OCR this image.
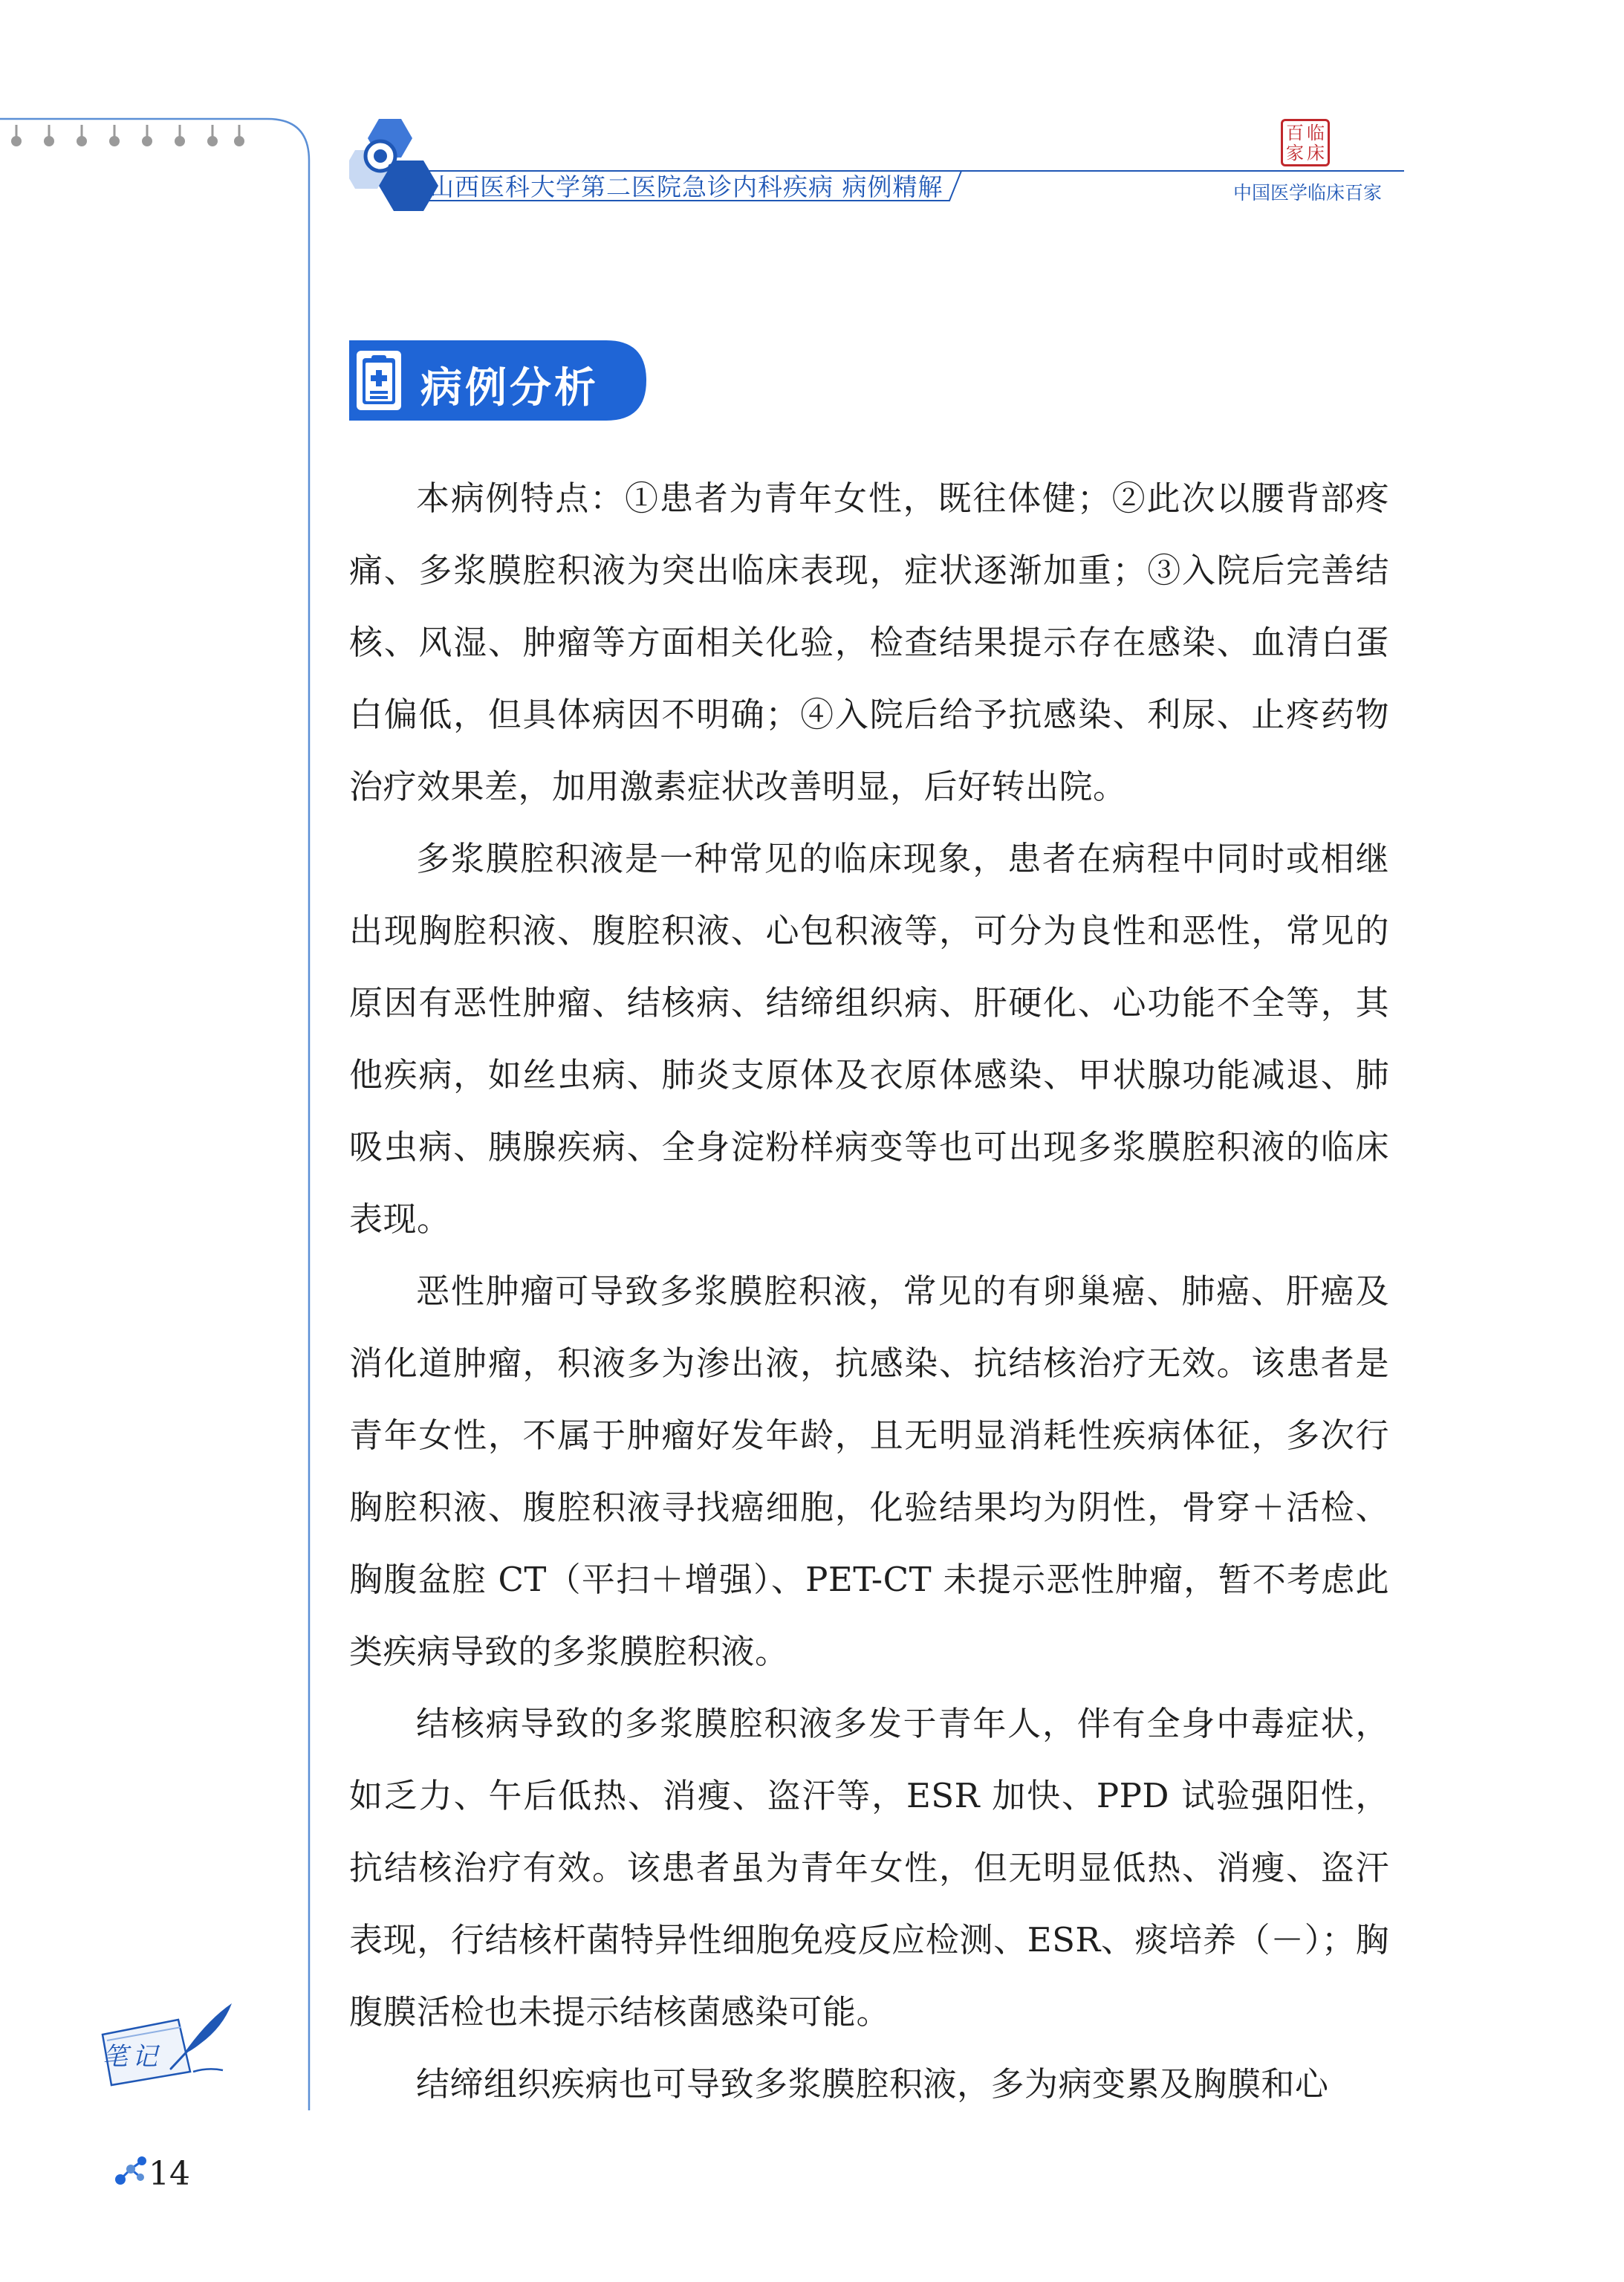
山西医科大学第二医院急诊内科疾病 病例精解
百 临
家 床
中国医学临床百家
病例分析

本病例特点：①患者为青年女性，既往体健；②此次以腰背部疼痛、多浆膜腔积液为突出临床表现，症状逐渐加重；③入院后完善结核、风湿、肿瘤等方面相关化验，检查结果提示存在感染、血清白蛋白偏低，但具体病因不明确；④入院后给予抗感染、利尿、止疼药物治疗效果差，加用激素症状改善明显，后好转出院。

多浆膜腔积液是一种常见的临床现象，患者在病程中同时或相继出现胸腔积液、腹腔积液、心包积液等，可分为良性和恶性，常见的原因有恶性肿瘤、结核病、结缔组织病、肝硬化、心功能不全等，其他疾病，如丝虫病、肺炎支原体及衣原体感染、甲状腺功能减退、肺吸虫病、胰腺疾病、全身淀粉样病变等也可出现多浆膜腔积液的临床表现。

恶性肿瘤可导致多浆膜腔积液，常见的有卵巢癌、肺癌、肝癌及消化道肿瘤，积液多为渗出液，抗感染、抗结核治疗无效。该患者是青年女性，不属于肿瘤好发年龄，且无明显消耗性疾病体征，多次行胸腔积液、腹腔积液寻找癌细胞，化验结果均为阴性，骨穿＋活检、胸腹盆腔 CT（平扫＋增强）、PET-CT 未提示恶性肿瘤，暂不考虑此类疾病导致的多浆膜腔积液。

结核病导致的多浆膜腔积液多发于青年人，伴有全身中毒症状，如乏力、午后低热、消瘦、盗汗等，ESR 加快、PPD 试验强阳性，抗结核治疗有效。该患者虽为青年女性，但无明显低热、消瘦、盗汗表现，行结核杆菌特异性细胞免疫反应检测、ESR、痰培养（－）；胸腹膜活检也未提示结核菌感染可能。

结缔组织疾病也可导致多浆膜腔积液，多为病变累及胸膜和心

笔记
14
